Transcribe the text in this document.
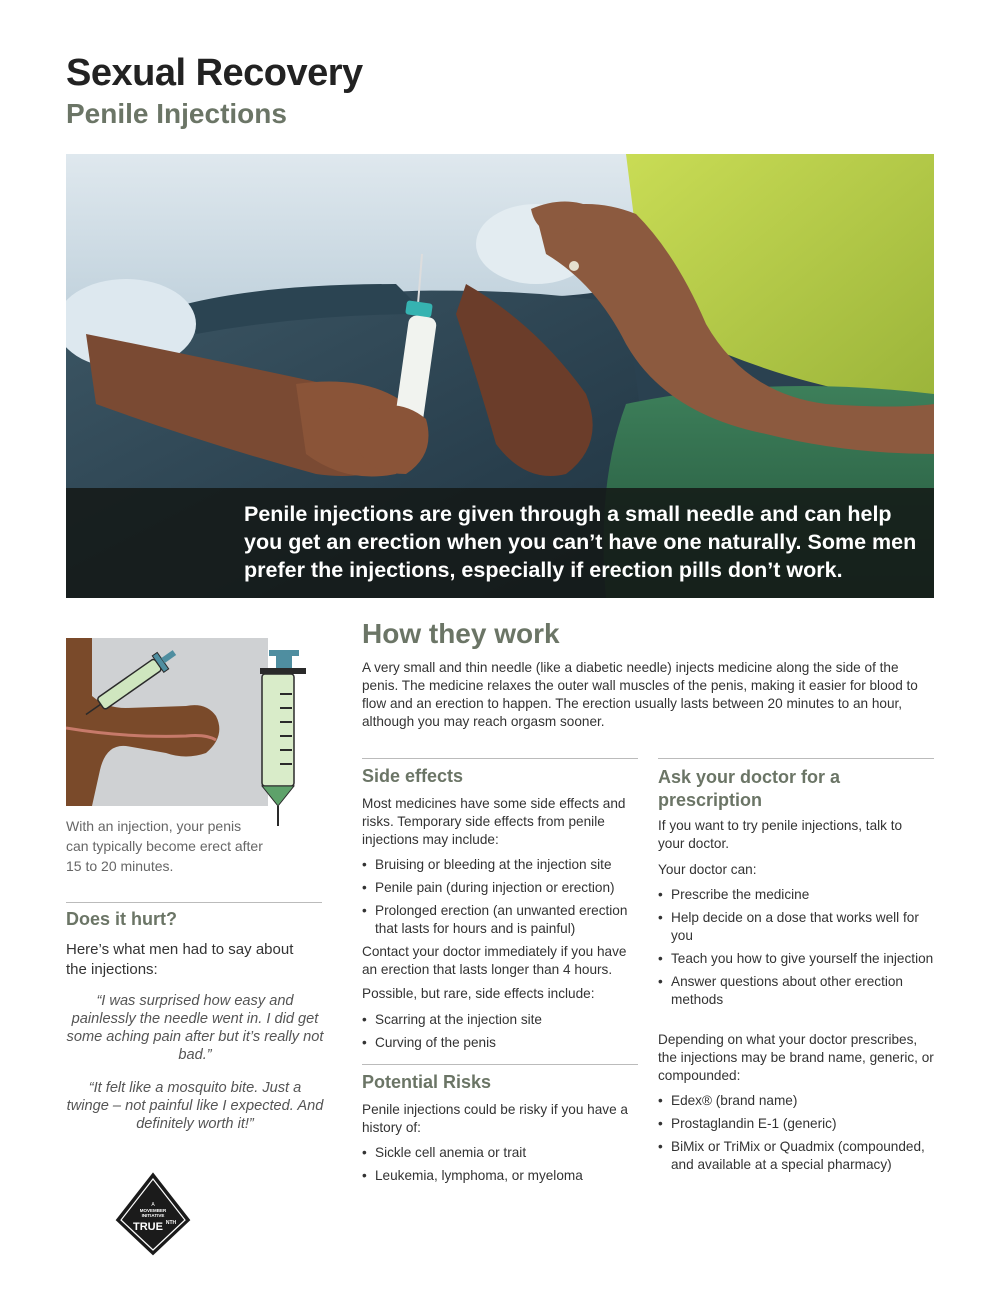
Sexual Recovery
Penile Injections

Penile injections are given through a small needle and can help you get an erection when you can’t have one naturally. Some men prefer the injections, especially if erection pills don’t work.

With an injection, your penis can typically become erect after 15 to 20 minutes.

How they work

A very small and thin needle (like a diabetic needle) injects medicine along the side of the penis. The medicine relaxes the outer wall muscles of the penis, making it easier for blood to flow and an erection to happen. The erection usually lasts between 20 minutes to an hour, although you may reach orgasm sooner.

Side effects

Most medicines have some side effects and risks. Temporary side effects from penile injections may include:

• Bruising or bleeding at the injection site
• Penile pain (during injection or erection)
• Prolonged erection (an unwanted erection that lasts for hours and is painful)

Contact your doctor immediately if you have an erection that lasts longer than 4 hours.

Possible, but rare, side effects include:

• Scarring at the injection site
• Curving of the penis
Potential Risks

Penile injections could be risky if you have a history of:

• Sickle cell anemia or trait
• Leukemia, lymphoma, or myeloma
Ask your doctor for a prescription

If you want to try penile injections, talk to your doctor.

Your doctor can:

• Prescribe the medicine
• Help decide on a dose that works well for you
• Teach you how to give yourself the injection
• Answer questions about other erection methods

Depending on what your doctor prescribes, the injections may be brand name, generic, or compounded:

• Edex® (brand name)
• Prostaglandin E-1 (generic)
• BiMix or TriMix or Quadmix (compounded, and available at a special pharmacy)
Does it hurt?

Here’s what men had to say about the injections:

“I was surprised how easy and painlessly the needle went in. I did get some aching pain after but it’s really not bad.”

“It felt like a mosquito bite. Just a twinge – not painful like I expected. And definitely worth it!”

A
MOVEMBER
INITIATIVE
TRUE NTH
